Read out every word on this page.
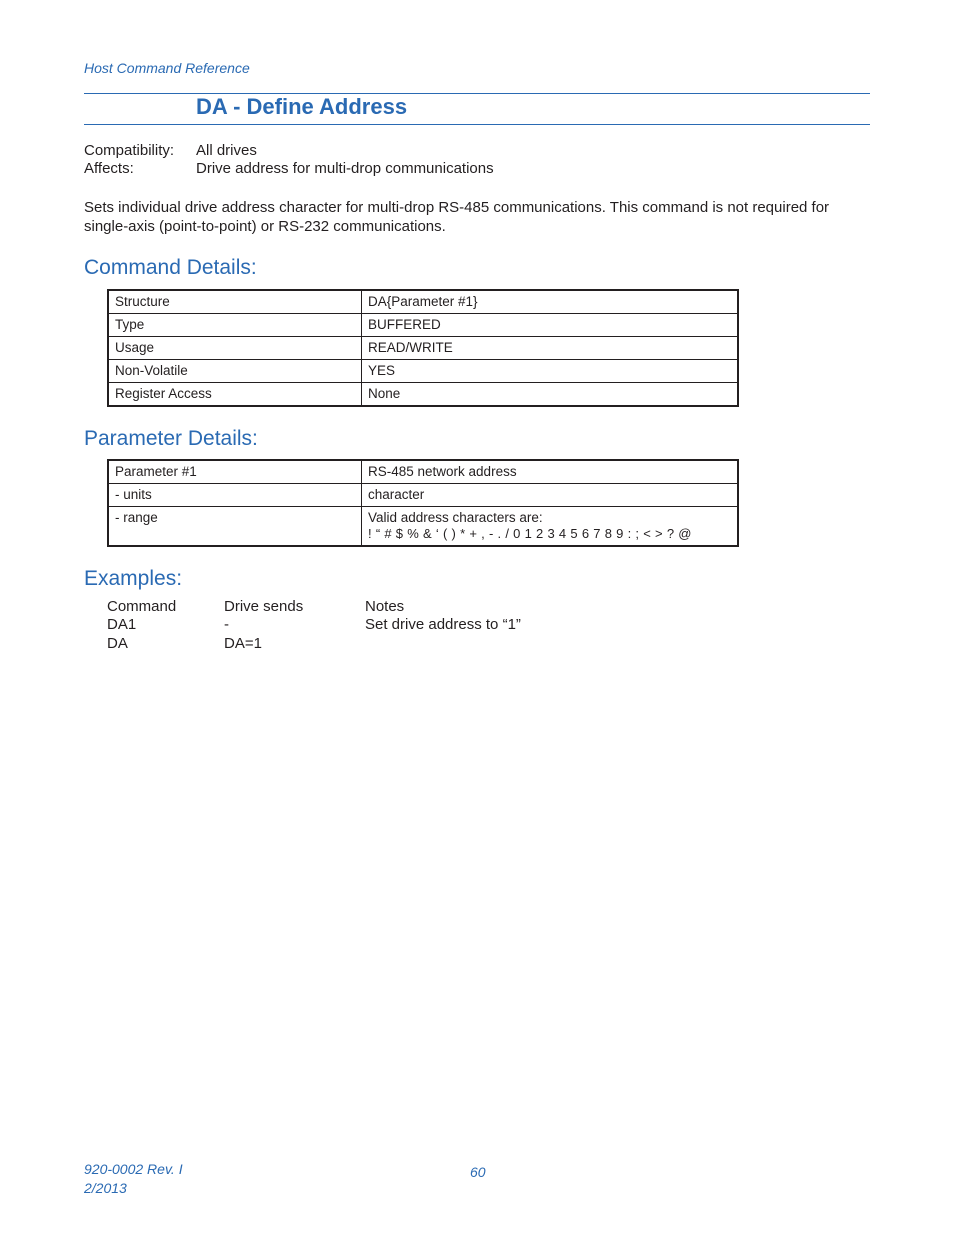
Host Command Reference
DA - Define Address
Compatibility: All drives
Affects:	Drive address for multi-drop communications
Sets individual drive address character for multi-drop RS-485 communications. This command is not required for single-axis (point-to-point) or RS-232 communications.
Command Details:
Structure	DA{Parameter #1}
Type	BUFFERED
Usage	READ/WRITE
Non-Volatile	YES
Register Access	None
Parameter Details:
Parameter #1	RS-485 network address
- units	character
- range	Valid address characters are:
! “ # $ % & ‘ ( ) * + , - . / 0 1 2 3 4 5 6 7 8 9 : ; < > ? @
Examples:
Command	Drive sends	Notes
DA1	-	Set drive address to “1”
DA	DA=1
920-0002 Rev. I
2/2013
60
